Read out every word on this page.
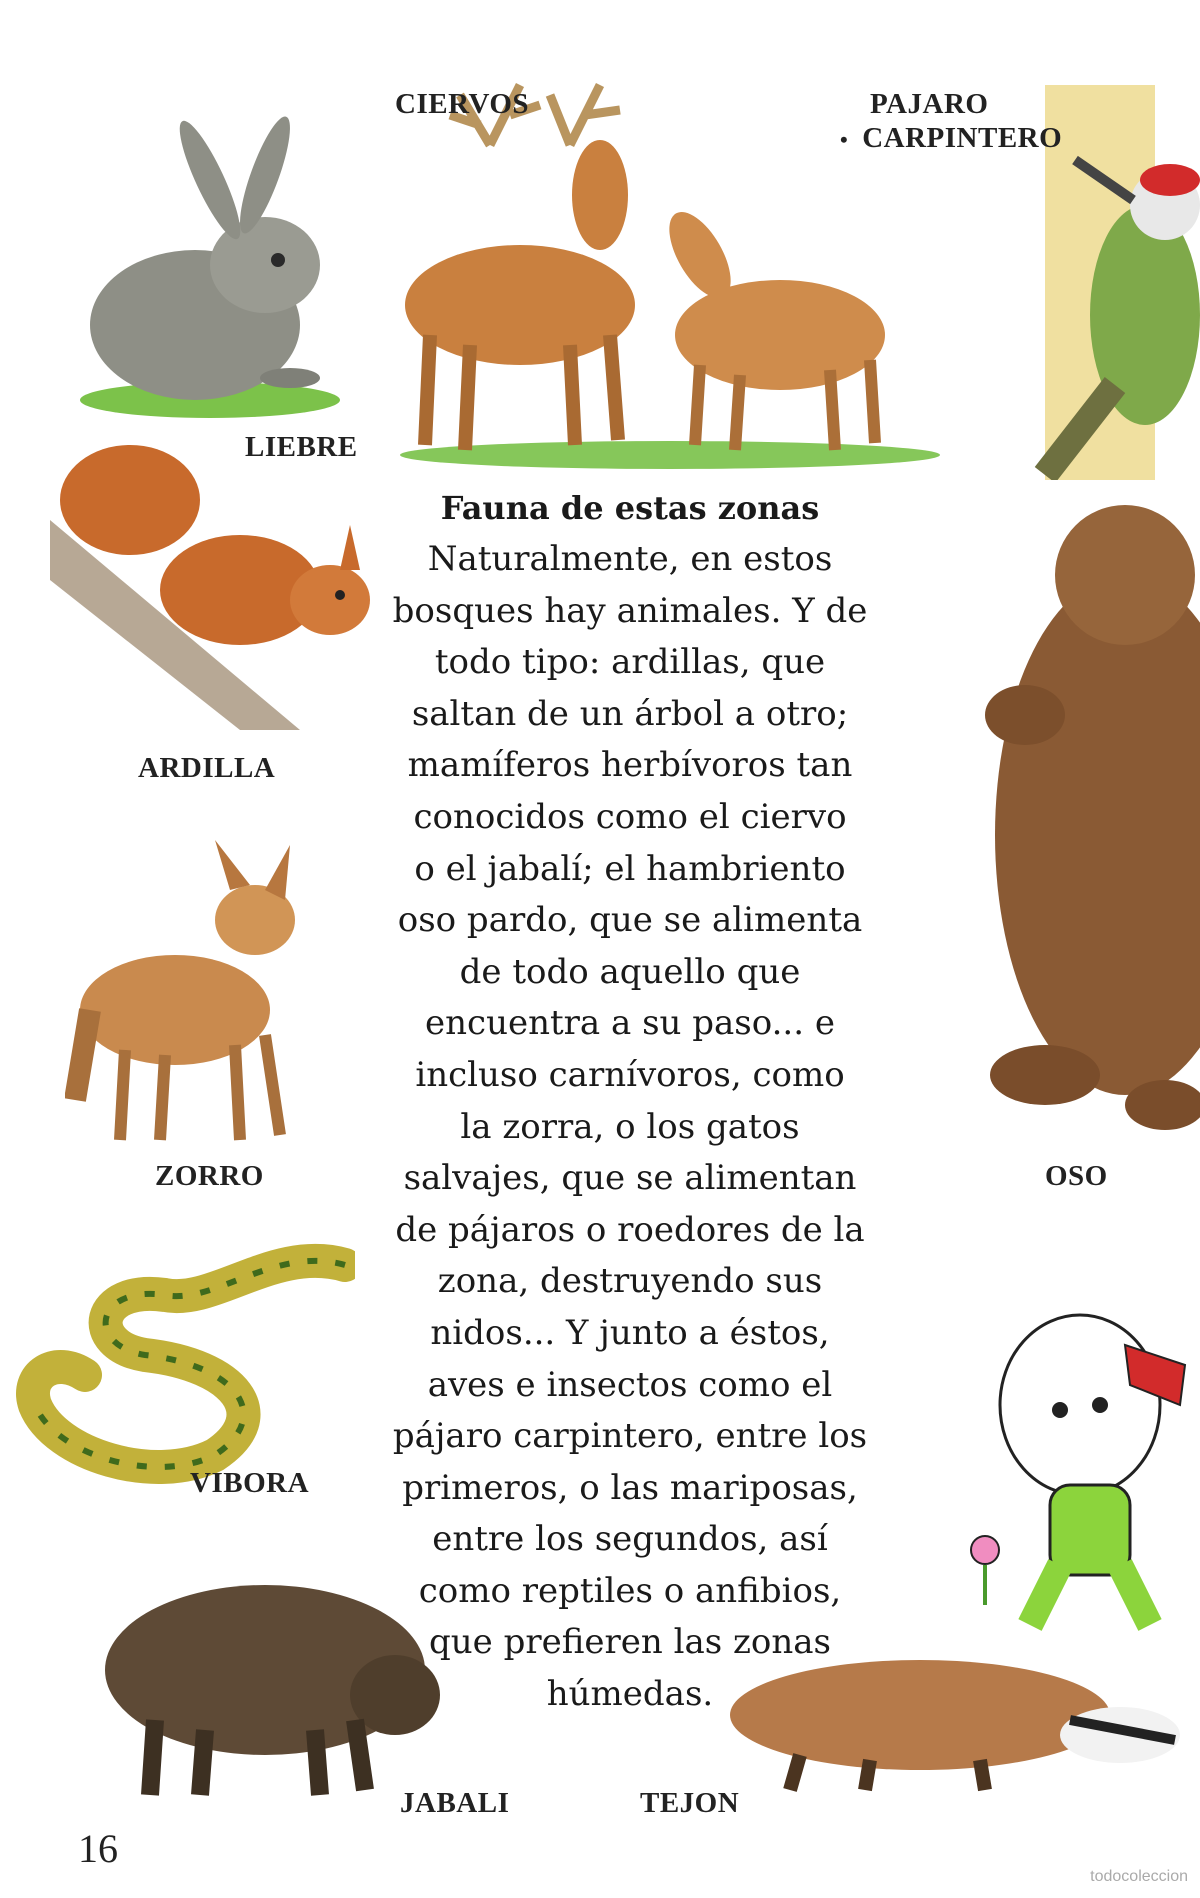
CIERVOS	PAJARO
• CARPINTERO
LIEBRE
ARDILLA
ZORRO	OSO
VIBORA
JABALI	TEJON
Fauna de estas zonas
Naturalmente, en estos
bosques hay animales. Y de
todo tipo: ardillas, que
saltan de un árbol a otro;
mamíferos herbívoros tan
conocidos como el ciervo
o el jabalí; el hambriento
oso pardo, que se alimenta
de todo aquello que
encuentra a su paso... e
incluso carnívoros, como
la zorra, o los gatos
salvajes, que se alimentan
de pájaros o roedores de la
zona, destruyendo sus
nidos... Y junto a éstos,
aves e insectos como el
pájaro carpintero, entre los
primeros, o las mariposas,
entre los segundos, así
como reptiles o anfibios,
que prefieren las zonas
húmedas.
16
todocoleccion
